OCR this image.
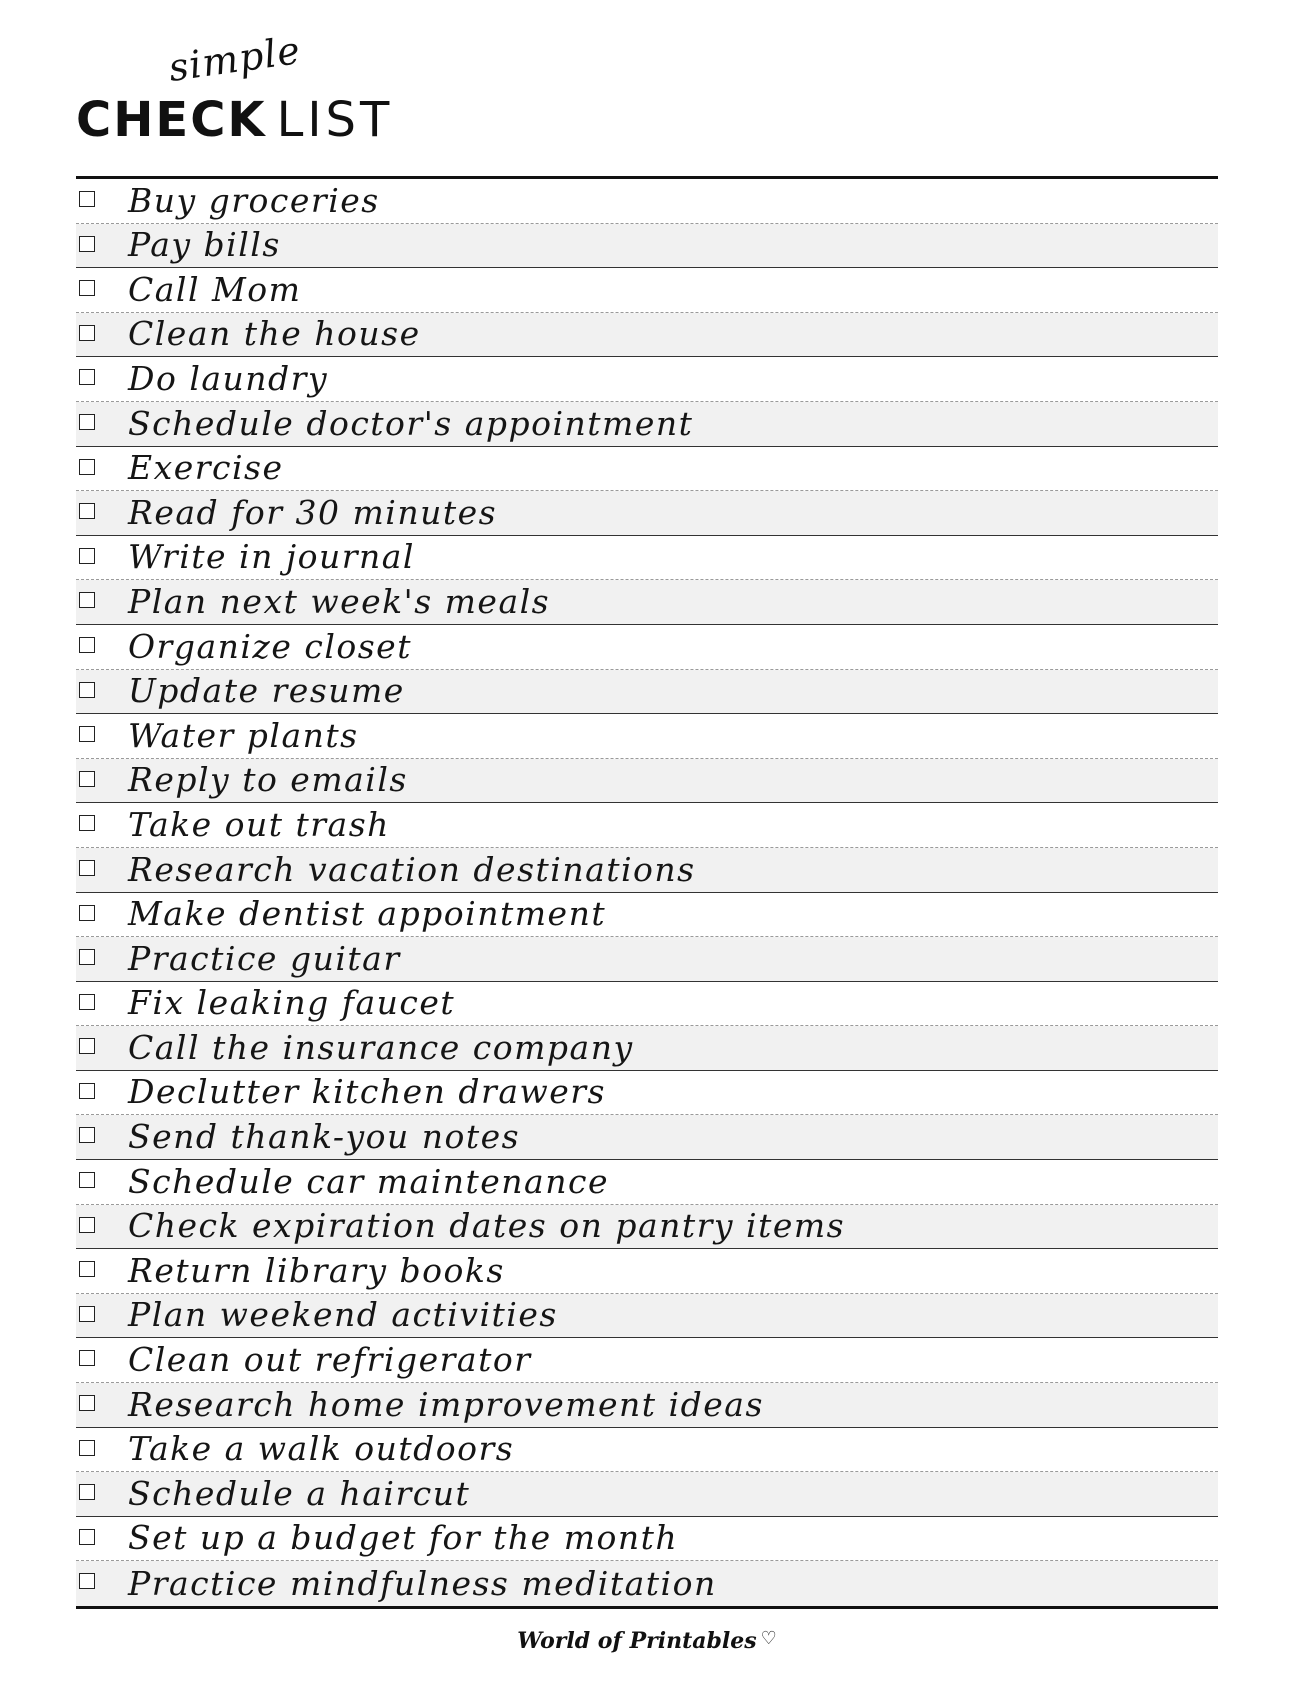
simple
CHECK LIST
Buy groceries
Pay bills
Call Mom
Clean the house
Do laundry
Schedule doctor's appointment
Exercise
Read for 30 minutes
Write in journal
Plan next week's meals
Organize closet
Update resume
Water plants
Reply to emails
Take out trash
Research vacation destinations
Make dentist appointment
Practice guitar
Fix leaking faucet
Call the insurance company
Declutter kitchen drawers
Send thank-you notes
Schedule car maintenance
Check expiration dates on pantry items
Return library books
Plan weekend activities
Clean out refrigerator
Research home improvement ideas
Take a walk outdoors
Schedule a haircut
Set up a budget for the month
Practice mindfulness meditation
World of Printables ♡
